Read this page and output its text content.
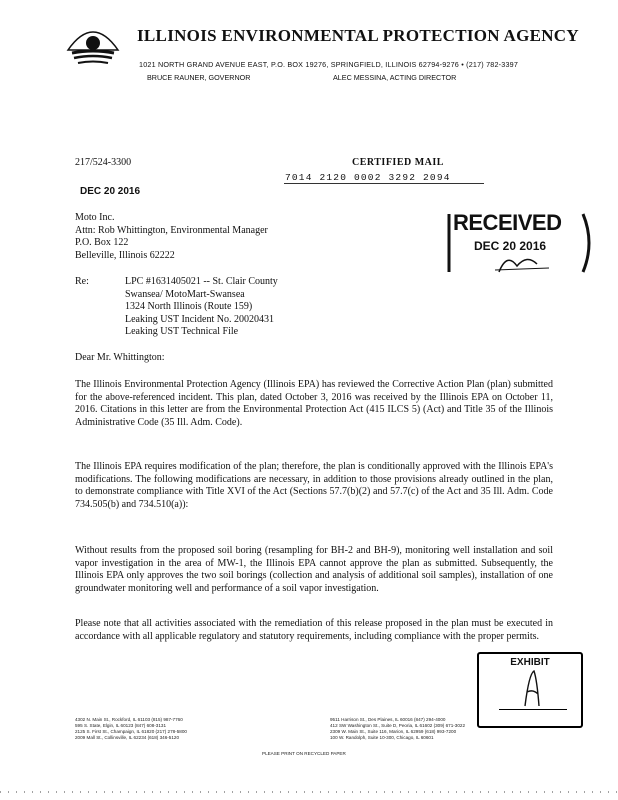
ILLINOIS ENVIRONMENTAL PROTECTION AGENCY
1021 NORTH GRAND AVENUE EAST, P.O. BOX 19276, SPRINGFIELD, ILLINOIS 62794-9276 • (217) 782-3397
BRUCE RAUNER, GOVERNOR	ALEC MESSINA, ACTING DIRECTOR
217/524-3300	CERTIFIED MAIL
7014 2120 0002 3292 2094
DEC 20 2016
Moto Inc.
Attn: Rob Whittington, Environmental Manager
P.O. Box 122
Belleville, Illinois 62222
RECEIVED
DEC 20 2016
Re:	LPC #1631405021 -- St. Clair County
Swansea/ MotoMart-Swansea
1324 North Illinois (Route 159)
Leaking UST Incident No. 20020431
Leaking UST Technical File
Dear Mr. Whittington:
The Illinois Environmental Protection Agency (Illinois EPA) has reviewed the Corrective Action Plan (plan) submitted for the above-referenced incident. This plan, dated October 3, 2016 was received by the Illinois EPA on October 11, 2016. Citations in this letter are from the Environmental Protection Act (415 ILCS 5) (Act) and Title 35 of the Illinois Administrative Code (35 Ill. Adm. Code).
The Illinois EPA requires modification of the plan; therefore, the plan is conditionally approved with the Illinois EPA's modifications. The following modifications are necessary, in addition to those provisions already outlined in the plan, to demonstrate compliance with Title XVI of the Act (Sections 57.7(b)(2) and 57.7(c) of the Act and 35 Ill. Adm. Code 734.505(b) and 734.510(a)):
Without results from the proposed soil boring (resampling for BH-2 and BH-9), monitoring well installation and soil vapor investigation in the area of MW-1, the Illinois EPA cannot approve the plan as submitted. Subsequently, the Illinois EPA only approves the two soil borings (collection and analysis of additional soil samples), installation of one groundwater monitoring well and performance of a soil vapor investigation.
Please note that all activities associated with the remediation of this release proposed in the plan must be executed in accordance with all applicable regulatory and statutory requirements, including compliance with the proper permits.
EXHIBIT
4302 N. Main St., Rockford, IL 61103 (815) 987-7760
595 S. State, Elgin, IL 60123 (847) 608-3131
2125 S. First St., Champaign, IL 61820 (217) 278-5800
2009 Mall St., Collinsville, IL 62234 (618) 346-5120
9511 Harrison St., Des Plaines, IL 60016 (847) 294-4000
412 SW Washington St., Suite D, Peoria, IL 61602 (309) 671-3022
2309 W. Main St., Suite 116, Marion, IL 62959 (618) 993-7200
100 W. Randolph, Suite 10-300, Chicago, IL 60601
PLEASE PRINT ON RECYCLED PAPER
